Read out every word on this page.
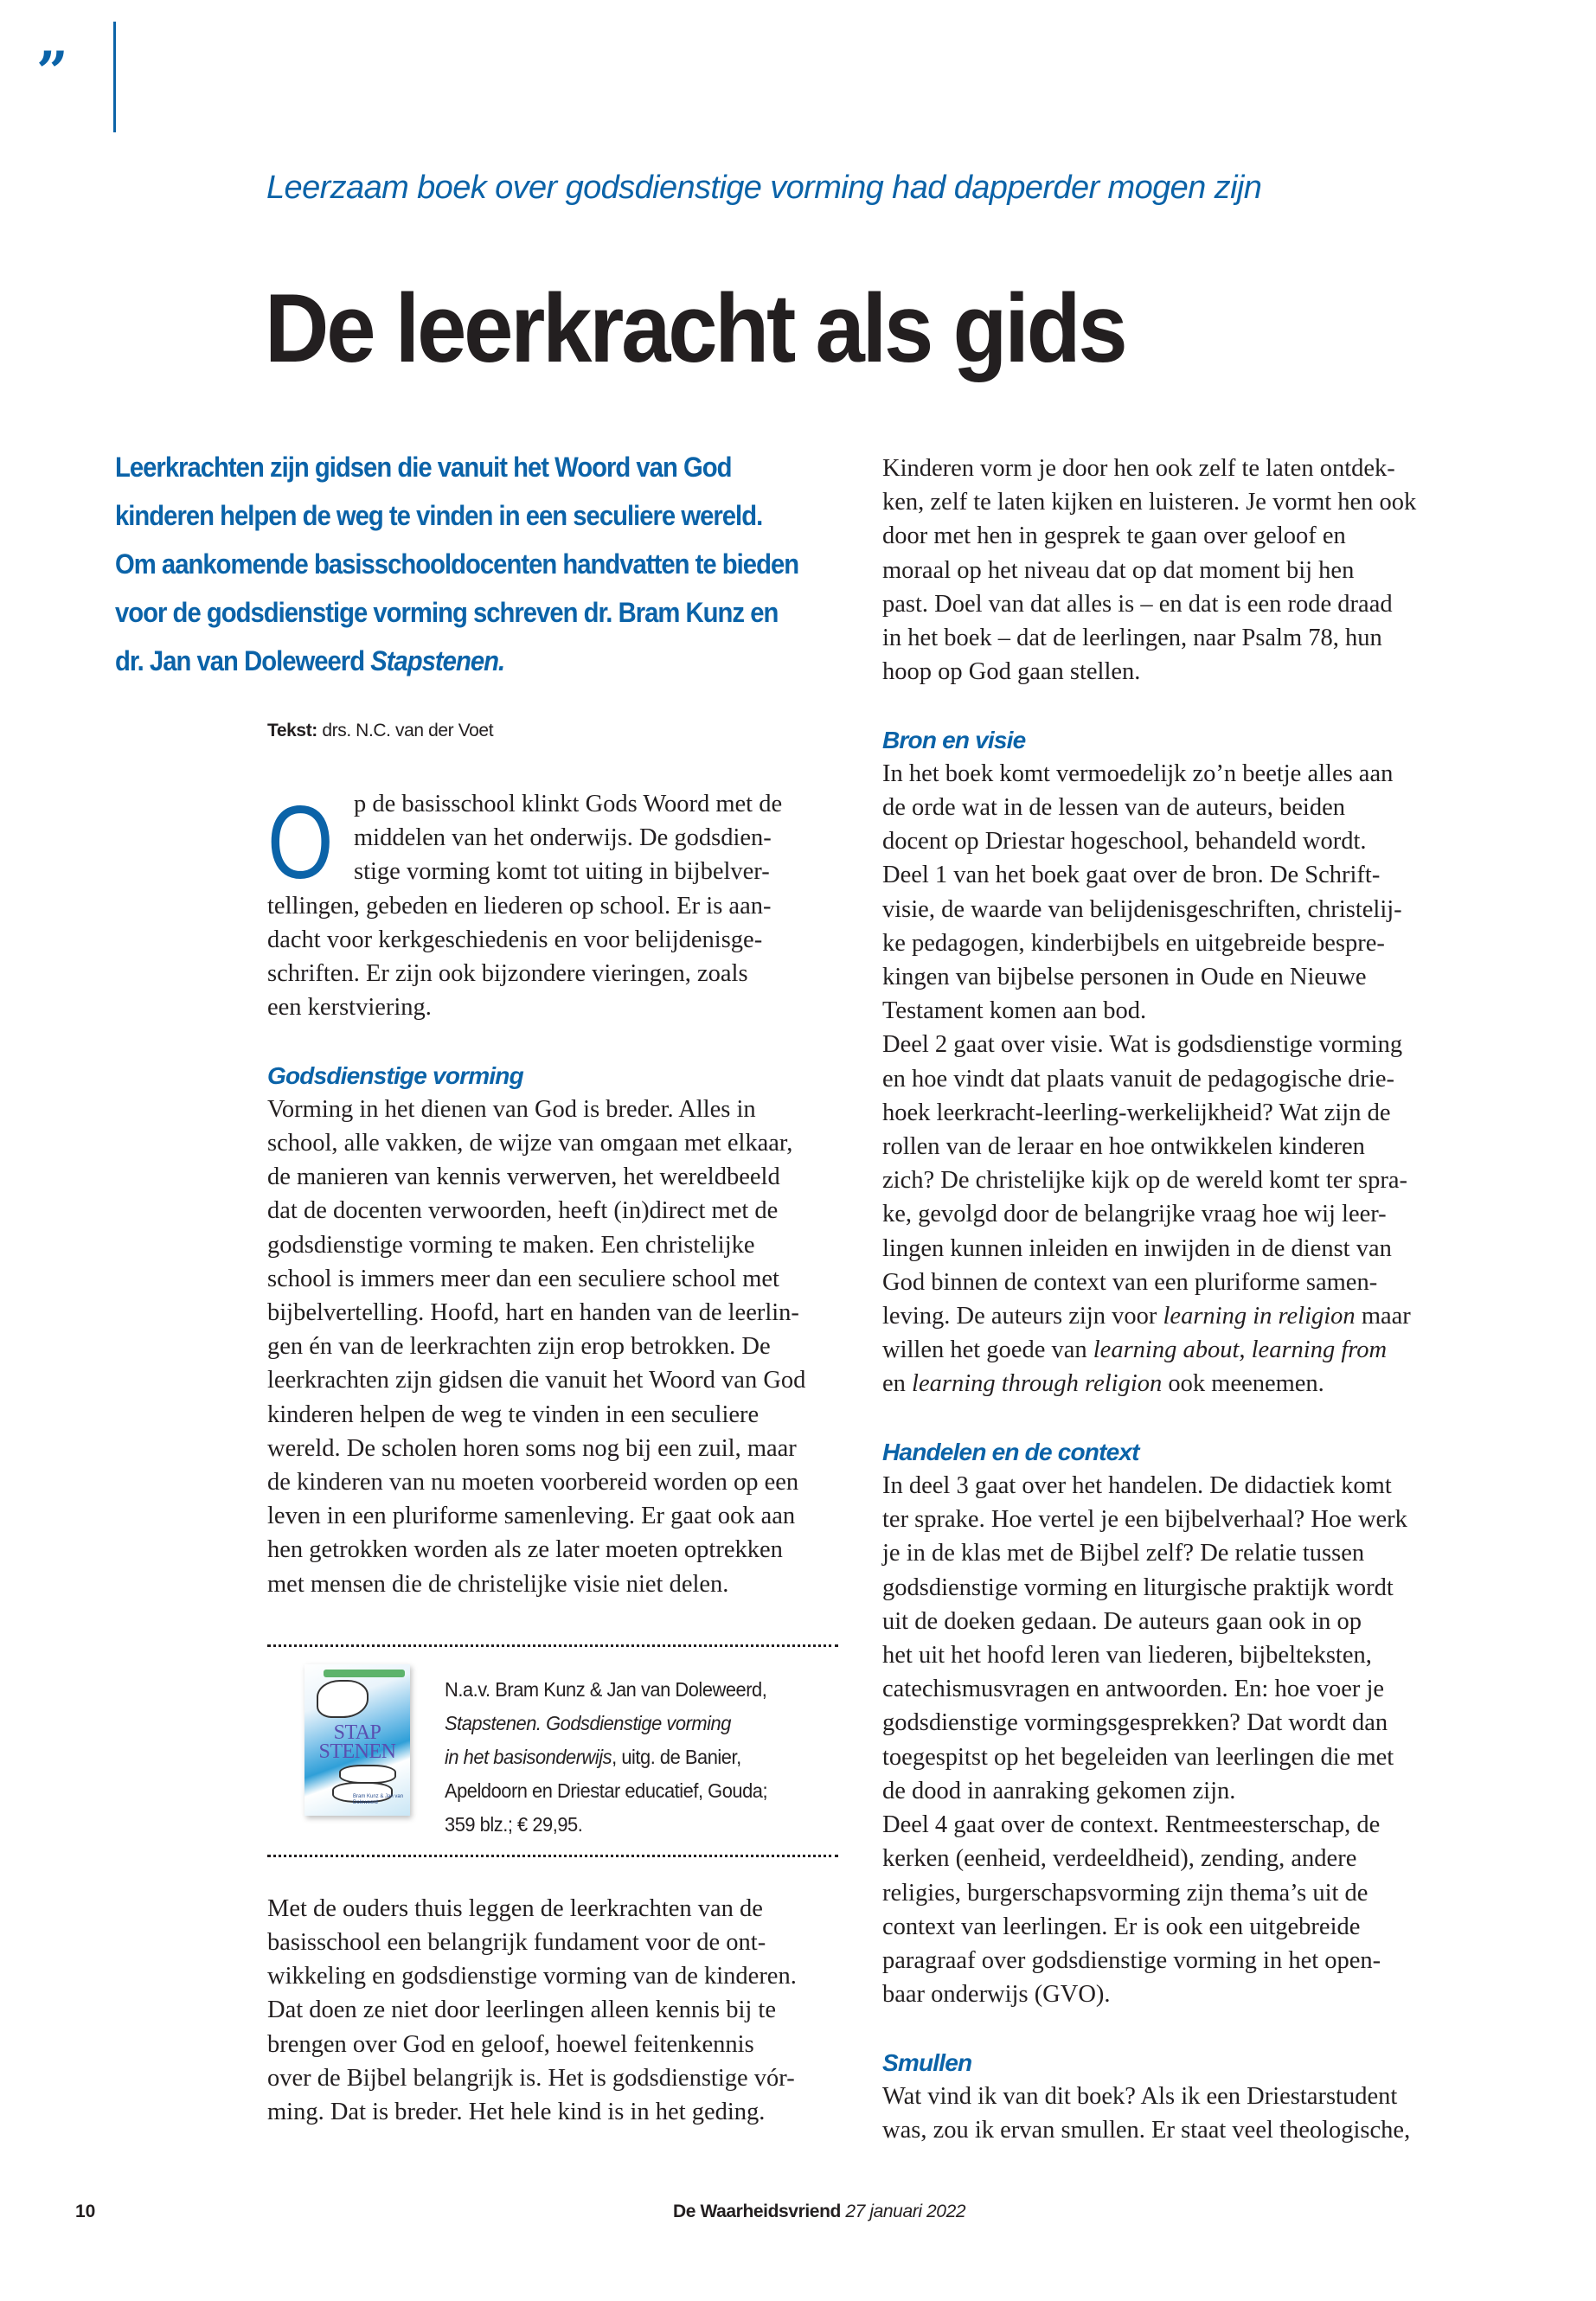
”
Leerzaam boek over godsdienstige vorming had dapperder mogen zijn
De leerkracht als gids
Leerkrachten zijn gidsen die vanuit het Woord van God
kinderen helpen de weg te vinden in een seculiere wereld.
Om aankomende basisschooldocenten handvatten te bieden
voor de godsdienstige vorming schreven dr. Bram Kunz en
dr. Jan van Doleweerd Stapstenen.
Tekst: drs. N.C. van der Voet
O p de basisschool klinkt Gods Woord met de
middelen van het onderwijs. De godsdien-
stige vorming komt tot uiting in bijbelver-
tellingen, gebeden en liederen op school. Er is aan-
dacht voor kerkgeschiedenis en voor belijdenisge-
schriften. Er zijn ook bijzondere vieringen, zoals
een kerstviering.
Godsdienstige vorming
Vorming in het dienen van God is breder. Alles in
school, alle vakken, de wijze van omgaan met elkaar,
de manieren van kennis verwerven, het wereldbeeld
dat de docenten verwoorden, heeft (in)direct met de
godsdienstige vorming te maken. Een christelijke
school is immers meer dan een seculiere school met
bijbelvertelling. Hoofd, hart en handen van de leerlin-
gen én van de leerkrachten zijn erop betrokken. De
leerkrachten zijn gidsen die vanuit het Woord van God
kinderen helpen de weg te vinden in een seculiere
wereld. De scholen horen soms nog bij een zuil, maar
de kinderen van nu moeten voorbereid worden op een
leven in een pluriforme samenleving. Er gaat ook aan
hen getrokken worden als ze later moeten optrekken
met mensen die de christelijke visie niet delen.
STAP
STENEN
Bram Kunz & Jan van Doleweerd
N.a.v. Bram Kunz & Jan van Doleweerd,
Stapstenen. Godsdienstige vorming
in het basisonderwijs, uitg. de Banier,
Apeldoorn en Driestar educatief, Gouda;
359 blz.; € 29,95.
Met de ouders thuis leggen de leerkrachten van de
basisschool een belangrijk fundament voor de ont-
wikkeling en godsdienstige vorming van de kinderen.
Dat doen ze niet door leerlingen alleen kennis bij te
brengen over God en geloof, hoewel feitenkennis
over de Bijbel belangrijk is. Het is godsdienstige vór-
ming. Dat is breder. Het hele kind is in het geding.
Kinderen vorm je door hen ook zelf te laten ontdek-
ken, zelf te laten kijken en luisteren. Je vormt hen ook
door met hen in gesprek te gaan over geloof en
moraal op het niveau dat op dat moment bij hen
past. Doel van dat alles is – en dat is een rode draad
in het boek – dat de leerlingen, naar Psalm 78, hun
hoop op God gaan stellen.
Bron en visie
In het boek komt vermoedelijk zo’n beetje alles aan
de orde wat in de lessen van de auteurs, beiden
docent op Driestar hogeschool, behandeld wordt.
Deel 1 van het boek gaat over de bron. De Schrift-
visie, de waarde van belijdenisgeschriften, christelij-
ke pedagogen, kinderbijbels en uitgebreide bespre-
kingen van bijbelse personen in Oude en Nieuwe
Testament komen aan bod.
Deel 2 gaat over visie. Wat is godsdienstige vorming
en hoe vindt dat plaats vanuit de pedagogische drie-
hoek leerkracht-leerling-werkelijkheid? Wat zijn de
rollen van de leraar en hoe ontwikkelen kinderen
zich? De christelijke kijk op de wereld komt ter spra-
ke, gevolgd door de belangrijke vraag hoe wij leer-
lingen kunnen inleiden en inwijden in de dienst van
God binnen de context van een pluriforme samen-
leving. De auteurs zijn voor learning in religion maar
willen het goede van learning about, learning from
en learning through religion ook meenemen.
Handelen en de context
In deel 3 gaat over het handelen. De didactiek komt
ter sprake. Hoe vertel je een bijbelverhaal? Hoe werk
je in de klas met de Bijbel zelf? De relatie tussen
godsdienstige vorming en liturgische praktijk wordt
uit de doeken gedaan. De auteurs gaan ook in op
het uit het hoofd leren van liederen, bijbelteksten,
catechismusvragen en antwoorden. En: hoe voer je
godsdienstige vormingsgesprekken? Dat wordt dan
toegespitst op het begeleiden van leerlingen die met
de dood in aanraking gekomen zijn.
Deel 4 gaat over de context. Rentmeesterschap, de
kerken (eenheid, verdeeldheid), zending, andere
religies, burgerschapsvorming zijn thema’s uit de
context van leerlingen. Er is ook een uitgebreide
paragraaf over godsdienstige vorming in het open-
baar onderwijs (GVO).
Smullen
Wat vind ik van dit boek? Als ik een Driestarstudent
was, zou ik ervan smullen. Er staat veel theologische,
10	De Waarheidsvriend 27 januari 2022
